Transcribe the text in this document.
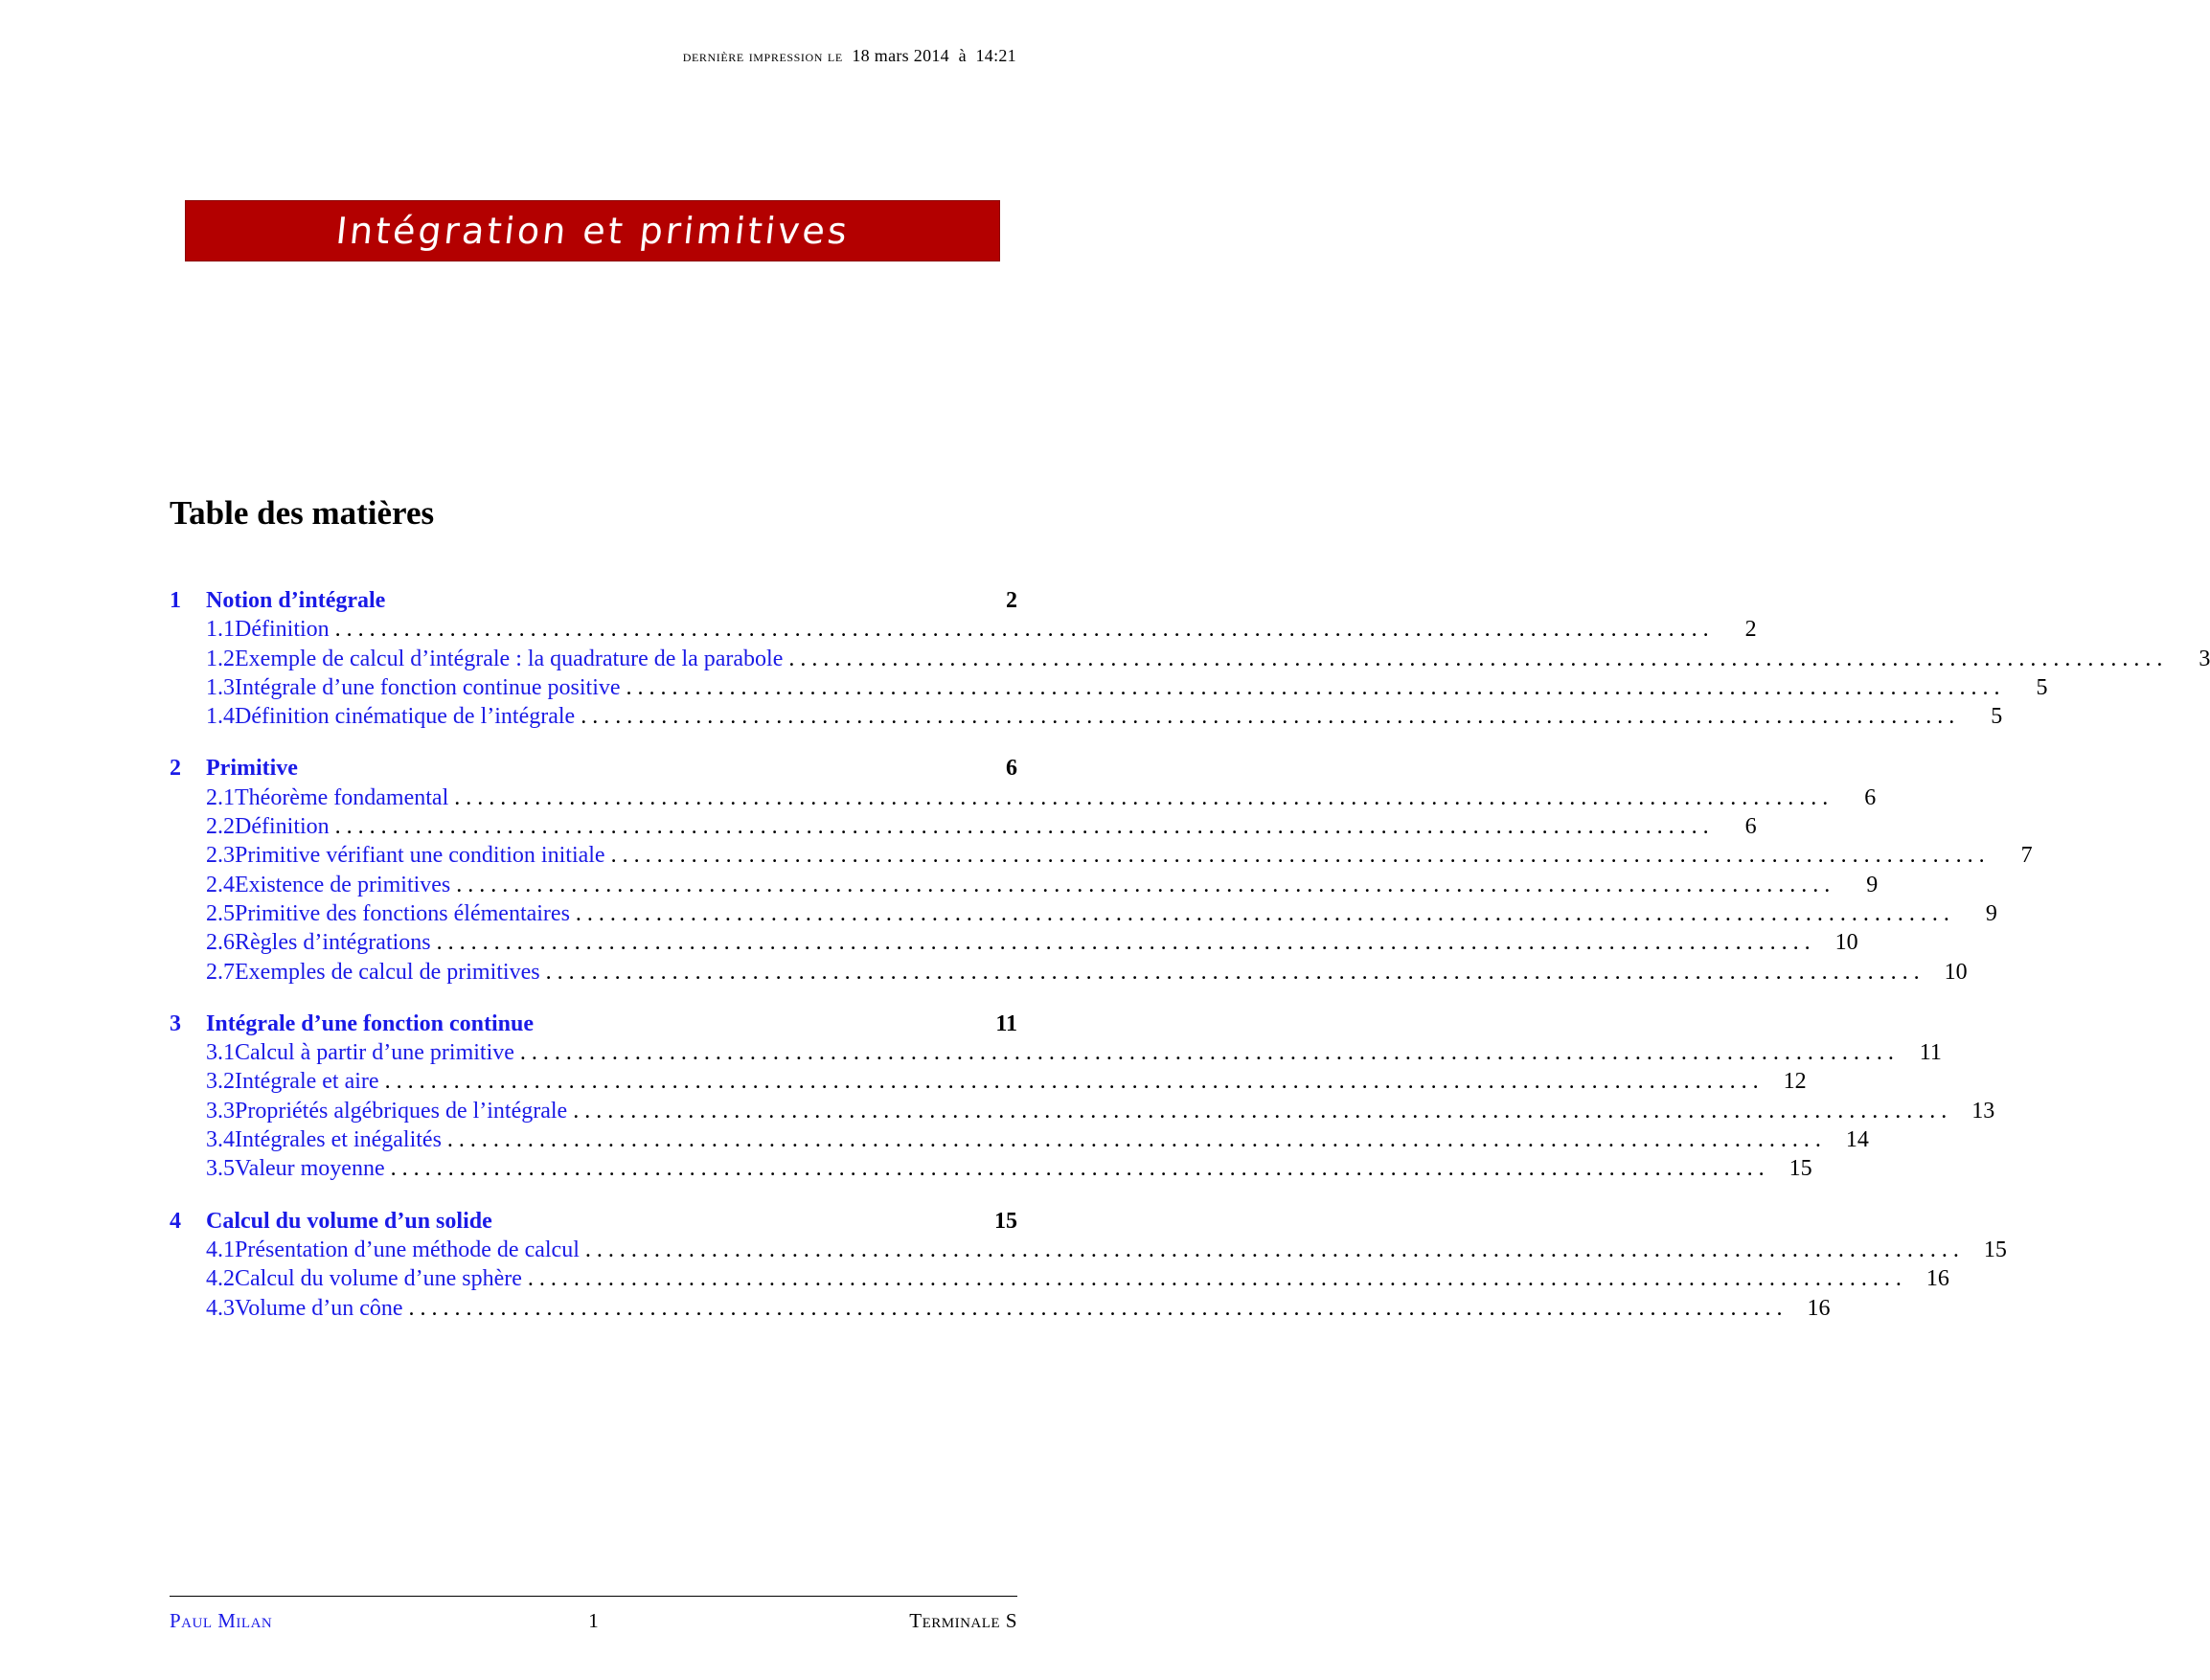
dernière impression le 18 mars 2014 à 14:21
Intégration et primitives
Table des matières
1	Notion d’intégrale	2
1.1 Définition . . . . . . . . . . . . . . . . . . . . . . . . . . . . . . . . . . . . . . . . . . . . . . . . . . . . . . . . . . . . . . . . . . . . . . . . . . . . . . . . . . . . . . . . . . . . . . . . . . . . . . . . . . . . . . . . . . . . . . . .	2
1.2 Exemple de calcul d’intégrale : la quadrature de la parabole . . . . . . . . . . . . . . . . . . . . . . . . . . . . . . . . . . . . . . . . . . . . . . . . . . . . . . . . . . . . . . . . . . . . . . . . . . . . . . . . . . . . . . . . . . . . . . . . . . . . . . . . . . . . . . . . . . . . . . . .	3
1.3 Intégrale d’une fonction continue positive . . . . . . . . . . . . . . . . . . . . . . . . . . . . . . . . . . . . . . . . . . . . . . . . . . . . . . . . . . . . . . . . . . . . . . . . . . . . . . . . . . . . . . . . . . . . . . . . . . . . . . . . . . . . . . . . . . . . . . . .	5
1.4 Définition cinématique de l’intégrale . . . . . . . . . . . . . . . . . . . . . . . . . . . . . . . . . . . . . . . . . . . . . . . . . . . . . . . . . . . . . . . . . . . . . . . . . . . . . . . . . . . . . . . . . . . . . . . . . . . . . . . . . . . . . . . . . . . . . . . .	5
2	Primitive	6
2.1 Théorème fondamental . . . . . . . . . . . . . . . . . . . . . . . . . . . . . . . . . . . . . . . . . . . . . . . . . . . . . . . . . . . . . . . . . . . . . . . . . . . . . . . . . . . . . . . . . . . . . . . . . . . . . . . . . . . . . . . . . . . . . . . .	6
2.2 Définition . . . . . . . . . . . . . . . . . . . . . . . . . . . . . . . . . . . . . . . . . . . . . . . . . . . . . . . . . . . . . . . . . . . . . . . . . . . . . . . . . . . . . . . . . . . . . . . . . . . . . . . . . . . . . . . . . . . . . . . .	6
2.3 Primitive vérifiant une condition initiale . . . . . . . . . . . . . . . . . . . . . . . . . . . . . . . . . . . . . . . . . . . . . . . . . . . . . . . . . . . . . . . . . . . . . . . . . . . . . . . . . . . . . . . . . . . . . . . . . . . . . . . . . . . . . . . . . . . . . . . .	7
2.4 Existence de primitives . . . . . . . . . . . . . . . . . . . . . . . . . . . . . . . . . . . . . . . . . . . . . . . . . . . . . . . . . . . . . . . . . . . . . . . . . . . . . . . . . . . . . . . . . . . . . . . . . . . . . . . . . . . . . . . . . . . . . . . .	9
2.5 Primitive des fonctions élémentaires . . . . . . . . . . . . . . . . . . . . . . . . . . . . . . . . . . . . . . . . . . . . . . . . . . . . . . . . . . . . . . . . . . . . . . . . . . . . . . . . . . . . . . . . . . . . . . . . . . . . . . . . . . . . . . . . . . . . . . . .	9
2.6 Règles d’intégrations . . . . . . . . . . . . . . . . . . . . . . . . . . . . . . . . . . . . . . . . . . . . . . . . . . . . . . . . . . . . . . . . . . . . . . . . . . . . . . . . . . . . . . . . . . . . . . . . . . . . . . . . . . . . . . . . . . . . . . . .	10
2.7 Exemples de calcul de primitives . . . . . . . . . . . . . . . . . . . . . . . . . . . . . . . . . . . . . . . . . . . . . . . . . . . . . . . . . . . . . . . . . . . . . . . . . . . . . . . . . . . . . . . . . . . . . . . . . . . . . . . . . . . . . . . . . . . . . . . .	10
3	Intégrale d’une fonction continue	11
3.1 Calcul à partir d’une primitive . . . . . . . . . . . . . . . . . . . . . . . . . . . . . . . . . . . . . . . . . . . . . . . . . . . . . . . . . . . . . . . . . . . . . . . . . . . . . . . . . . . . . . . . . . . . . . . . . . . . . . . . . . . . . . . . . . . . . . . .	11
3.2 Intégrale et aire . . . . . . . . . . . . . . . . . . . . . . . . . . . . . . . . . . . . . . . . . . . . . . . . . . . . . . . . . . . . . . . . . . . . . . . . . . . . . . . . . . . . . . . . . . . . . . . . . . . . . . . . . . . . . . . . . . . . . . . .	12
3.3 Propriétés algébriques de l’intégrale . . . . . . . . . . . . . . . . . . . . . . . . . . . . . . . . . . . . . . . . . . . . . . . . . . . . . . . . . . . . . . . . . . . . . . . . . . . . . . . . . . . . . . . . . . . . . . . . . . . . . . . . . . . . . . . . . . . . . . . .	13
3.4 Intégrales et inégalités . . . . . . . . . . . . . . . . . . . . . . . . . . . . . . . . . . . . . . . . . . . . . . . . . . . . . . . . . . . . . . . . . . . . . . . . . . . . . . . . . . . . . . . . . . . . . . . . . . . . . . . . . . . . . . . . . . . . . . . .	14
3.5 Valeur moyenne . . . . . . . . . . . . . . . . . . . . . . . . . . . . . . . . . . . . . . . . . . . . . . . . . . . . . . . . . . . . . . . . . . . . . . . . . . . . . . . . . . . . . . . . . . . . . . . . . . . . . . . . . . . . . . . . . . . . . . . .	15
4	Calcul du volume d’un solide	15
4.1 Présentation d’une méthode de calcul . . . . . . . . . . . . . . . . . . . . . . . . . . . . . . . . . . . . . . . . . . . . . . . . . . . . . . . . . . . . . . . . . . . . . . . . . . . . . . . . . . . . . . . . . . . . . . . . . . . . . . . . . . . . . . . . . . . . . . . .	15
4.2 Calcul du volume d’une sphère . . . . . . . . . . . . . . . . . . . . . . . . . . . . . . . . . . . . . . . . . . . . . . . . . . . . . . . . . . . . . . . . . . . . . . . . . . . . . . . . . . . . . . . . . . . . . . . . . . . . . . . . . . . . . . . . . . . . . . . .	16
4.3 Volume d’un cône . . . . . . . . . . . . . . . . . . . . . . . . . . . . . . . . . . . . . . . . . . . . . . . . . . . . . . . . . . . . . . . . . . . . . . . . . . . . . . . . . . . . . . . . . . . . . . . . . . . . . . . . . . . . . . . . . . . . . . . .	16
Paul Milan	1	Terminale S
